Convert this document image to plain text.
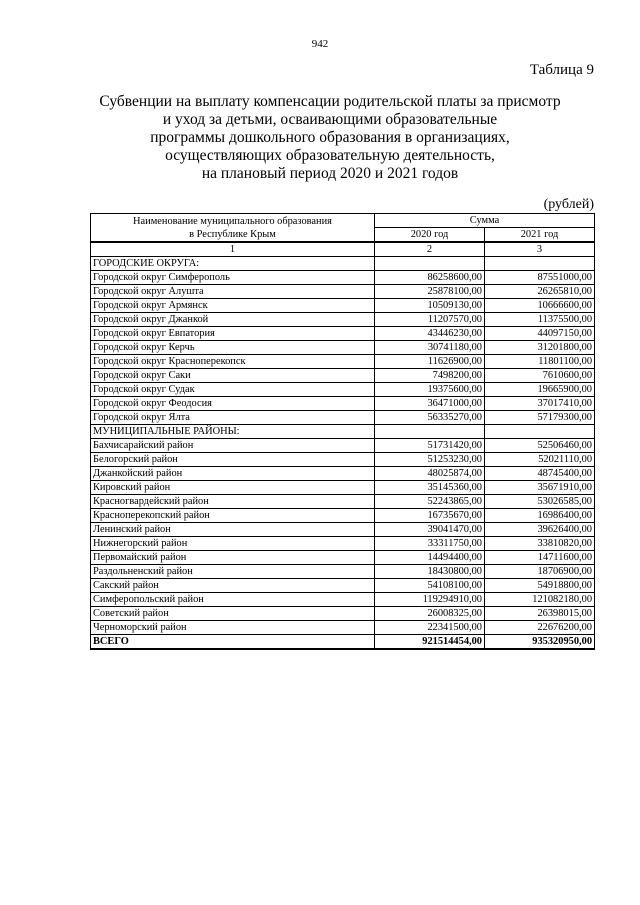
942
Таблица 9
Субвенции на выплату компенсации родительской платы за присмотр
и уход за детьми, осваивающими образовательные
программы дошкольного образования в организациях,
осуществляющих образовательную деятельность,
на плановый период 2020 и 2021 годов
(рублей)
Наименование муниципального образования
в Республике Крым	Сумма	
	2020 год	2021 год
1	2	3
ГОРОДСКИЕ ОКРУГА:		
Городской округ Симферополь	86258600,00	87551000,00
Городской округ Алушта	25878100,00	26265810,00
Городской округ Армянск	10509130,00	10666600,00
Городской округ Джанкой	11207570,00	11375500,00
Городской округ Евпатория	43446230,00	44097150,00
Городской округ Керчь	30741180,00	31201800,00
Городской округ Красноперекопск	11626900,00	11801100,00
Городской округ Саки	7498200,00	7610600,00
Городской округ Судак	19375600,00	19665900,00
Городской округ Феодосия	36471000,00	37017410,00
Городской округ Ялта	56335270,00	57179300,00
МУНИЦИПАЛЬНЫЕ РАЙОНЫ:		
Бахчисарайский район	51731420,00	52506460,00
Белогорский район	51253230,00	52021110,00
Джанкойский район	48025874,00	48745400,00
Кировский район	35145360,00	35671910,00
Красногвардейский район	52243865,00	53026585,00
Красноперекопский район	16735670,00	16986400,00
Ленинский район	39041470,00	39626400,00
Нижнегорский район	33311750,00	33810820,00
Первомайский район	14494400,00	14711600,00
Раздольненский район	18430800,00	18706900,00
Сакский район	54108100,00	54918800,00
Симферопольский район	119294910,00	121082180,00
Советский район	26008325,00	26398015,00
Черноморский район	22341500,00	22676200,00
ВСЕГО	921514454,00	935320950,00
